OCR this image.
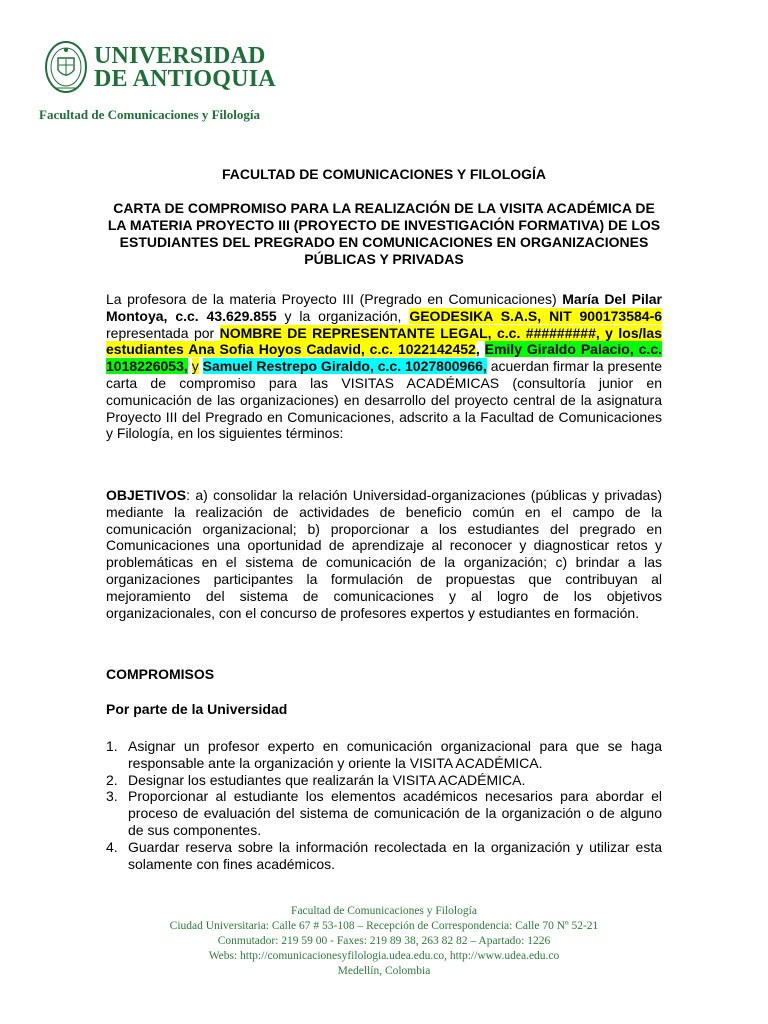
UNIVERSIDAD
DE ANTIOQUIA
Facultad de Comunicaciones y Filología
FACULTAD DE COMUNICACIONES Y FILOLOGÍA
CARTA DE COMPROMISO PARA LA REALIZACIÓN DE LA VISITA ACADÉMICA DE LA MATERIA PROYECTO III (PROYECTO DE INVESTIGACIÓN FORMATIVA) DE LOS ESTUDIANTES DEL PREGRADO EN COMUNICACIONES EN ORGANIZACIONES PÚBLICAS Y PRIVADAS
La profesora de la materia Proyecto III (Pregrado en Comunicaciones) María Del Pilar Montoya, c.c. 43.629.855 y la organización, GEODESIKA S.A.S, NIT 900173584-6 representada por NOMBRE DE REPRESENTANTE LEGAL, c.c. #########, y los/las estudiantes Ana Sofia Hoyos Cadavid, c.c. 1022142452, Emily Giraldo Palacio, c.c. 1018226053, y Samuel Restrepo Giraldo, c.c. 1027800966, acuerdan firmar la presente carta de compromiso para las VISITAS ACADÉMICAS (consultoría junior en comunicación de las organizaciones) en desarrollo del proyecto central de la asignatura Proyecto III del Pregrado en Comunicaciones, adscrito a la Facultad de Comunicaciones y Filología, en los siguientes términos:
OBJETIVOS: a) consolidar la relación Universidad-organizaciones (públicas y privadas) mediante la realización de actividades de beneficio común en el campo de la comunicación organizacional; b) proporcionar a los estudiantes del pregrado en Comunicaciones una oportunidad de aprendizaje al reconocer y diagnosticar retos y problemáticas en el sistema de comunicación de la organización; c) brindar a las organizaciones participantes la formulación de propuestas que contribuyan al mejoramiento del sistema de comunicaciones y al logro de los objetivos organizacionales, con el concurso de profesores expertos y estudiantes en formación.
COMPROMISOS
Por parte de la Universidad
1. Asignar un profesor experto en comunicación organizacional para que se haga responsable ante la organización y oriente la VISITA ACADÉMICA.
2. Designar los estudiantes que realizarán la VISITA ACADÉMICA.
3. Proporcionar al estudiante los elementos académicos necesarios para abordar el proceso de evaluación del sistema de comunicación de la organización o de alguno de sus componentes.
4. Guardar reserva sobre la información recolectada en la organización y utilizar esta solamente con fines académicos.
Facultad de Comunicaciones y Filología
Ciudad Universitaria: Calle 67 # 53-108 – Recepción de Correspondencia: Calle 70 Nº 52-21
Conmutador: 219 59 00 - Faxes: 219 89 38, 263 82 82 – Apartado: 1226
Webs: http://comunicacionesyfilologia.udea.edu.co, http://www.udea.edu.co
Medellín, Colombia
